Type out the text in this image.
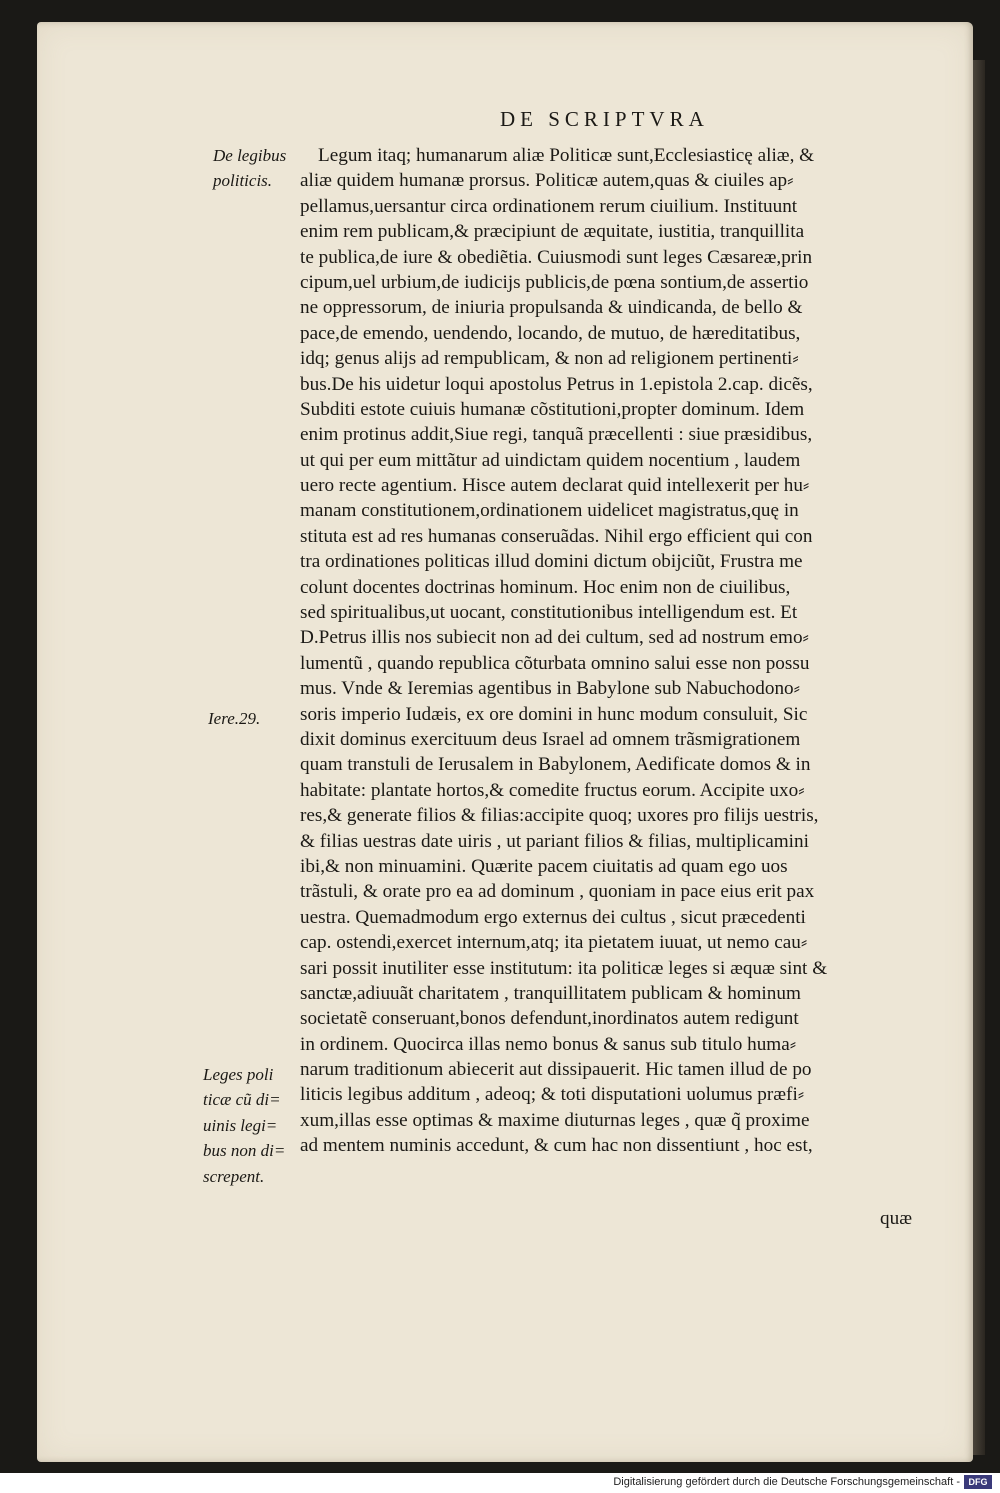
DE SCRIPTVRA
De legibus
politicis.
Iere.29.
Leges poli
ticæ cũ di=
uinis legi=
bus non di=
screpent.
Legum itaq; humanarum aliæ Politicæ sunt,Ecclesiasticę aliæ, &
aliæ quidem humanæ prorsus. Politicæ autem,quas & ciuiles ap⸗
pellamus,uersantur circa ordinationem rerum ciuilium. Instituunt
enim rem publicam,& præcipiunt de æquitate, iustitia, tranquillita
te publica,de iure & obediẽtia. Cuiusmodi sunt leges Cæsareæ,prin
cipum,uel urbium,de iudicijs publicis,de pœna sontium,de assertio
ne oppressorum, de iniuria propulsanda & uindicanda, de bello &
pace,de emendo, uendendo, locando, de mutuo, de hæreditatibus,
idq; genus alijs ad rempublicam, & non ad religionem pertinenti⸗
bus.De his uidetur loqui apostolus Petrus in 1.epistola 2.cap. dicẽs,
Subditi estote cuiuis humanæ cõstitutioni,propter dominum. Idem
enim protinus addit,Siue regi, tanquã præcellenti : siue præsidibus,
ut qui per eum mittãtur ad uindictam quidem nocentium , laudem
uero recte agentium. Hisce autem declarat quid intellexerit per hu⸗
manam constitutionem,ordinationem uidelicet magistratus,quę in
stituta est ad res humanas conseruãdas. Nihil ergo efficient qui con
tra ordinationes politicas illud domini dictum obijciũt, Frustra me
colunt docentes doctrinas hominum. Hoc enim non de ciuilibus,
sed spiritualibus,ut uocant, constitutionibus intelligendum est. Et
D.Petrus illis nos subiecit non ad dei cultum, sed ad nostrum emo⸗
lumentũ , quando republica cõturbata omnino salui esse non possu
mus. Vnde & Ieremias agentibus in Babylone sub Nabuchodono⸗
soris imperio Iudæis, ex ore domini in hunc modum consuluit, Sic
dixit dominus exercituum deus Israel ad omnem trãsmigrationem
quam transtuli de Ierusalem in Babylonem, Aedificate domos & in
habitate: plantate hortos,& comedite fructus eorum. Accipite uxo⸗
res,& generate filios & filias:accipite quoq; uxores pro filijs uestris,
& filias uestras date uiris , ut pariant filios & filias, multiplicamini
ibi,& non minuamini. Quærite pacem ciuitatis ad quam ego uos
trãstuli, & orate pro ea ad dominum , quoniam in pace eius erit pax
uestra. Quemadmodum ergo externus dei cultus , sicut præcedenti
cap. ostendi,exercet internum,atq; ita pietatem iuuat, ut nemo cau⸗
sari possit inutiliter esse institutum: ita politicæ leges si æquæ sint &
sanctæ,adiuuãt charitatem , tranquillitatem publicam & hominum
societatẽ conseruant,bonos defendunt,inordinatos autem redigunt
in ordinem. Quocirca illas nemo bonus & sanus sub titulo huma⸗
narum traditionum abiecerit aut dissipauerit. Hic tamen illud de po
liticis legibus additum , adeoq; & toti disputationi uolumus præfi⸗
xum,illas esse optimas & maxime diuturnas leges , quæ q̃ proxime
ad mentem numinis accedunt, & cum hac non dissentiunt , hoc est,
quæ
Digitalisierung gefördert durch die Deutsche Forschungsgemeinschaft - DFG
